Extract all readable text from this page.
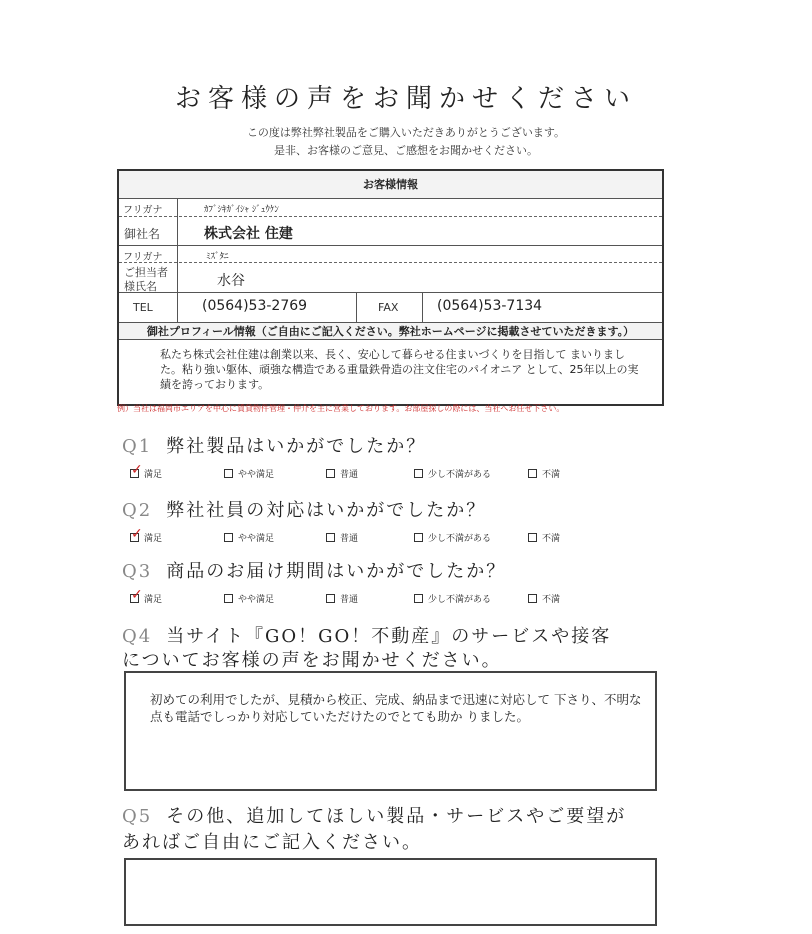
お客様の声をお聞かせください
この度は弊社弊社製品をご購入いただきありがとうございます。
是非、お客様のご意見、ご感想をお聞かせください。
お客様情報
フリガナ	ｶﾌﾞｼｷｶﾞｲｼｬ ｼﾞｭｳｹﾝ
御社名	株式会社 住建
フリガナ	ﾐｽﾞﾀﾆ
ご担当者
様氏名	水谷
TEL	(0564)53-2769	FAX	(0564)53-7134
御社プロフィール情報（ご自由にご記入ください。弊社ホームページに掲載させていただきます。）
私たち株式会社住建は創業以来、長く、安心して暮らせる住まいづくりを目指して まいりました。粘り強い躯体、頑強な構造である重量鉄骨造の注文住宅のパイオニア として、25年以上の実績を誇っております。
例）当社は福岡市エリアを中心に賃貸物件管理・仲介を主に営業しております。お部屋探しの際には、当社へお任せ下さい。
Q1 弊社製品はいかがでしたか？
✓
満足	やや満足	普通	少し不満がある	不満
Q2 弊社社員の対応はいかがでしたか？
✓
満足	やや満足	普通	少し不満がある	不満
Q3 商品のお届け期間はいかがでしたか？
✓
満足	やや満足	普通	少し不満がある	不満
Q4 当サイト『GO！GO！不動産』のサービスや接客
についてお客様の声をお聞かせください。
初めての利用でしたが、見積から校正、完成、納品まで迅速に対応して 下さり、不明な点も電話でしっかり対応していただけたのでとても助か りました。
Q5 その他、追加してほしい製品・サービスやご要望が
あればご自由にご記入ください。
